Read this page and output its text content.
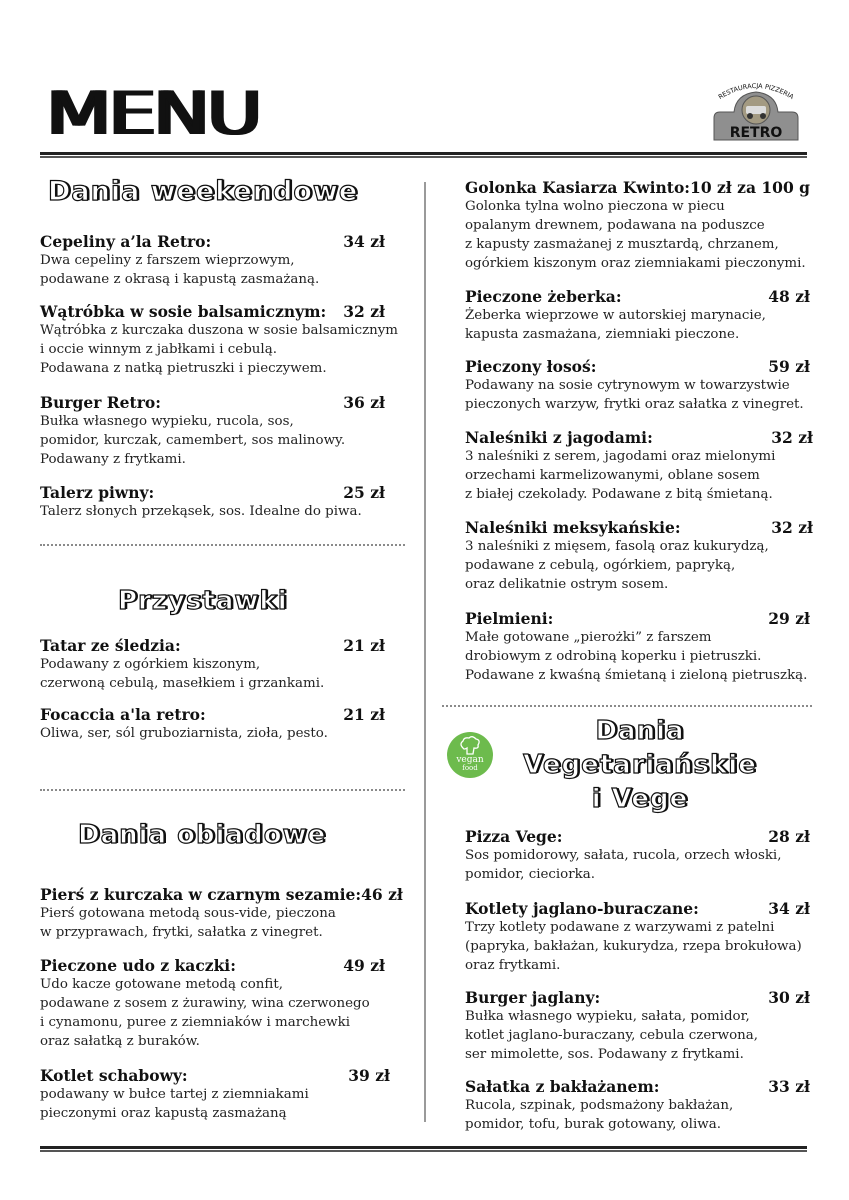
MENU	RETRO
RESTAURACJA PIZZERIA
Dania weekendowe
Cepeliny a’la Retro:	34 zł
Dwa cepeliny z farszem wieprzowym,
podawane z okrasą i kapustą zasmażaną.
Wątróbka w sosie balsamicznym: 32 zł
Wątróbka z kurczaka duszona w sosie balsamicznym
i occie winnym z jabłkami i cebulą.
Podawana z natką pietruszki i pieczywem.
Burger Retro:	36 zł
Bułka własnego wypieku, rucola, sos,
pomidor, kurczak, camembert, sos malinowy.
Podawany z frytkami.
Talerz piwny:	25 zł
Talerz słonych przekąsek, sos. Idealne do piwa.
Przystawki
Tatar ze śledzia:	21 zł
Podawany z ogórkiem kiszonym,
czerwoną cebulą, masełkiem i grzankami.
Focaccia a'la retro:	21 zł
Oliwa, ser, sól gruboziarnista, zioła, pesto.
Dania obiadowe
Pierś z kurczaka w czarnym sezamie: 46 zł
Pierś gotowana metodą sous-vide, pieczona
w przyprawach, frytki, sałatka z vinegret.
Pieczone udo z kaczki:	49 zł
Udo kacze gotowane metodą confit,
podawane z sosem z żurawiny, wina czerwonego
i cynamonu, puree z ziemniaków i marchewki
oraz sałatką z buraków.
Kotlet schabowy:	39 zł
podawany w bułce tartej z ziemniakami
pieczonymi oraz kapustą zasmażaną
Golonka Kasiarza Kwinto: 10 zł za 100 g
Golonka tylna wolno pieczona w piecu
opalanym drewnem, podawana na poduszce
z kapusty zasmażanej z musztardą, chrzanem,
ogórkiem kiszonym oraz ziemniakami pieczonymi.
Pieczone żeberka:	48 zł
Żeberka wieprzowe w autorskiej marynacie,
kapusta zasmażana, ziemniaki pieczone.
Pieczony łosoś:	59 zł
Podawany na sosie cytrynowym w towarzystwie
pieczonych warzyw, frytki oraz sałatka z vinegret.
Naleśniki z jagodami:	32 zł
3 naleśniki z serem, jagodami oraz mielonymi
orzechami karmelizowanymi, oblane sosem
z białej czekolady. Podawane z bitą śmietaną.
Naleśniki meksykańskie:	32 zł
3 naleśniki z mięsem, fasolą oraz kukurydzą,
podawane z cebulą, ogórkiem, papryką,
oraz delikatnie ostrym sosem.
Pielmieni:	29 zł
Małe gotowane „pierożki” z farszem
drobiowym z odrobiną koperku i pietruszki.
Podawane z kwaśną śmietaną i zieloną pietruszką.
vegan
food
Dania
Vegetariańskie
i Vege
Pizza Vege:	28 zł
Sos pomidorowy, sałata, rucola, orzech włoski,
pomidor, cieciorka.
Kotlety jaglano-buraczane:	34 zł
Trzy kotlety podawane z warzywami z patelni
(papryka, bakłażan, kukurydza, rzepa brokułowa)
oraz frytkami.
Burger jaglany:	30 zł
Bułka własnego wypieku, sałata, pomidor,
kotlet jaglano-buraczany, cebula czerwona,
ser mimolette, sos. Podawany z frytkami.
Sałatka z bakłażanem:	33 zł
Rucola, szpinak, podsmażony bakłażan,
pomidor, tofu, burak gotowany, oliwa.
